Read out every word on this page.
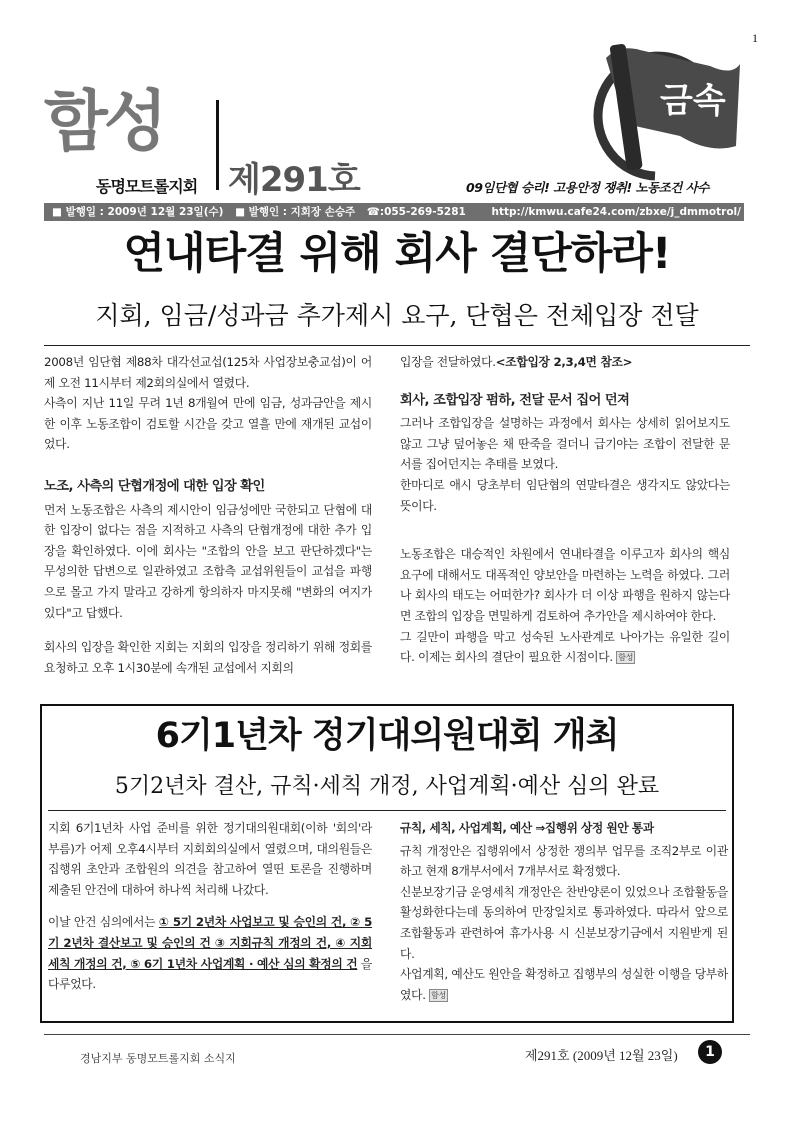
1
함성
동명모트롤지회 제291호
금속
09임단협 승리! 고용안정 쟁취! 노동조건 사수
■ 발행일 : 2009년 12월 23일(수) ■ 발행인 : 지회장 손승주 ☎:055-269-5281 http://kmwu.cafe24.com/zbxe/j_dmmotrol/
연내타결 위해 회사 결단하라!
지회, 임금/성과금 추가제시 요구, 단협은 전체입장 전달

2008년 임단협 제88차 대각선교섭(125차 사업장보충교섭)이 어제 오전 11시부터 제2회의실에서 열렸다.

사측이 지난 11일 무려 1년 8개월여 만에 임금, 성과금안을 제시한 이후 노동조합이 검토할 시간을 갖고 열흘 만에 재개된 교섭이었다.

노조, 사측의 단협개정에 대한 입장 확인

먼저 노동조합은 사측의 제시안이 임금성에만 국한되고 단협에 대한 입장이 없다는 점을 지적하고 사측의 단협개정에 대한 추가 입장을 확인하였다. 이에 회사는 "조합의 안을 보고 판단하겠다"는 무성의한 답변으로 일관하였고 조합측 교섭위원들이 교섭을 파행으로 몰고 가지 말라고 강하게 항의하자 마지못해 "변화의 여지가 있다"고 답했다.

회사의 입장을 확인한 지회는 지회의 입장을 정리하기 위해 정회를 요청하고 오후 1시30분에 속개된 교섭에서 지회의

입장을 전달하였다.<조합입장 2,3,4면 참조>

회사, 조합입장 펌하, 전달 문서 집어 던져

그러나 조합입장을 설명하는 과정에서 회사는 상세히 읽어보지도 않고 그냥 덮어놓은 채 딴죽을 걸더니 급기야는 조합이 전달한 문서를 집어던지는 추태를 보였다.

한마디로 애시 당초부터 임단협의 연말타결은 생각지도 않았다는 뜻이다.

노동조합은 대승적인 차원에서 연내타결을 이루고자 회사의 핵심요구에 대해서도 대폭적인 양보안을 마련하는 노력을 하였다. 그러나 회사의 태도는 어떠한가? 회사가 더 이상 파행을 원하지 않는다면 조합의 입장을 면밀하게 검토하여 추가안을 제시하여야 한다.

그 길만이 파행을 막고 성숙된 노사관계로 나아가는 유일한 길이다. 이제는 회사의 결단이 필요한 시점이다. 함성

6기1년차 정기대의원대회 개최
5기2년차 결산, 규칙·세칙 개정, 사업계획·예산 심의 완료

지회 6기1년차 사업 준비를 위한 정기대의원대회(이하 '회의'라 부름)가 어제 오후4시부터 지회회의실에서 열렸으며, 대의원들은 집행위 초안과 조합원의 의견을 참고하여 열띤 토론을 진행하며 제출된 안건에 대하여 하나씩 처리해 나갔다.

이날 안건 심의에서는 ① 5기 2년차 사업보고 및 승인의 건, ② 5기 2년차 결산보고 및 승인의 건 ③ 지회규칙 개정의 건, ④ 지회 세칙 개정의 건, ⑤ 6기 1년차 사업계획 · 예산 심의 확정의 건 을 다루었다.

규칙, 세칙, 사업계획, 예산 ⇒집행위 상정 원안 통과

규칙 개정안은 집행위에서 상정한 쟁의부 업무를 조직2부로 이관하고 현재 8개부서에서 7개부서로 확정했다.

신분보장기금 운영세칙 개정안은 찬반양론이 있었으나 조합활동을 활성화한다는데 동의하여 만장일치로 통과하였다. 따라서 앞으로 조합활동과 관련하여 휴가사용 시 신분보장기금에서 지원받게 된다.

사업계획, 예산도 원안을 확정하고 집행부의 성실한 이행을 당부하였다. 함성

경남지부 동명모트롤지회 소식지	제291호 (2009년 12월 23일)	1
